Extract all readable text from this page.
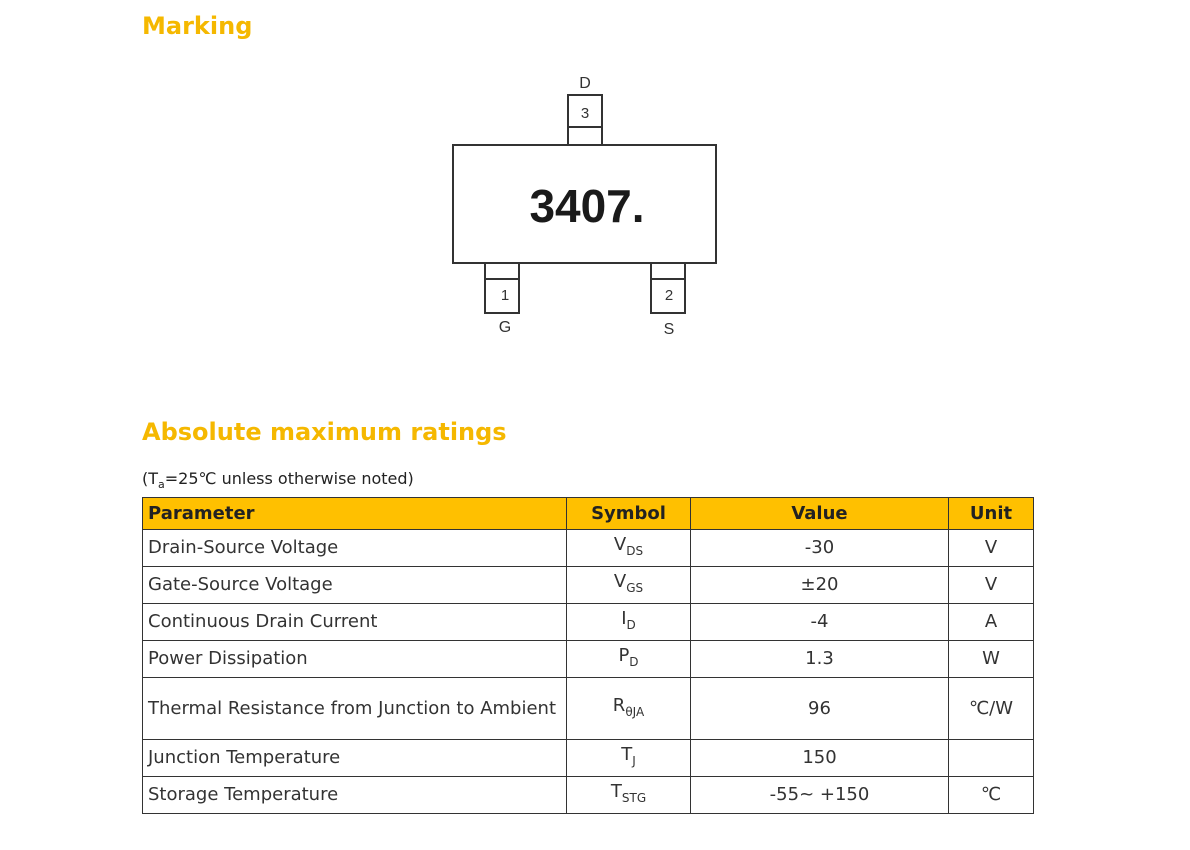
Marking
3
D
3407.
1
G
2
S
Absolute maximum ratings
($T_a=25℃$ unless otherwise noted)
Parameter	Symbol	Value	Unit
Drain-Source Voltage	$V_{DS}$	-30	V
Gate-Source Voltage	$V_{GS}$	±20	V
Continuous Drain Current	$I_D$	-4	A
Power Dissipation	$P_D$	1.3	W
Thermal Resistance from Junction to Ambient	$R_{\theta JA}$	96	℃/W
Junction Temperature	$T_J$	150	
Storage Temperature	$T_{STG}$	-55~ +150	℃
